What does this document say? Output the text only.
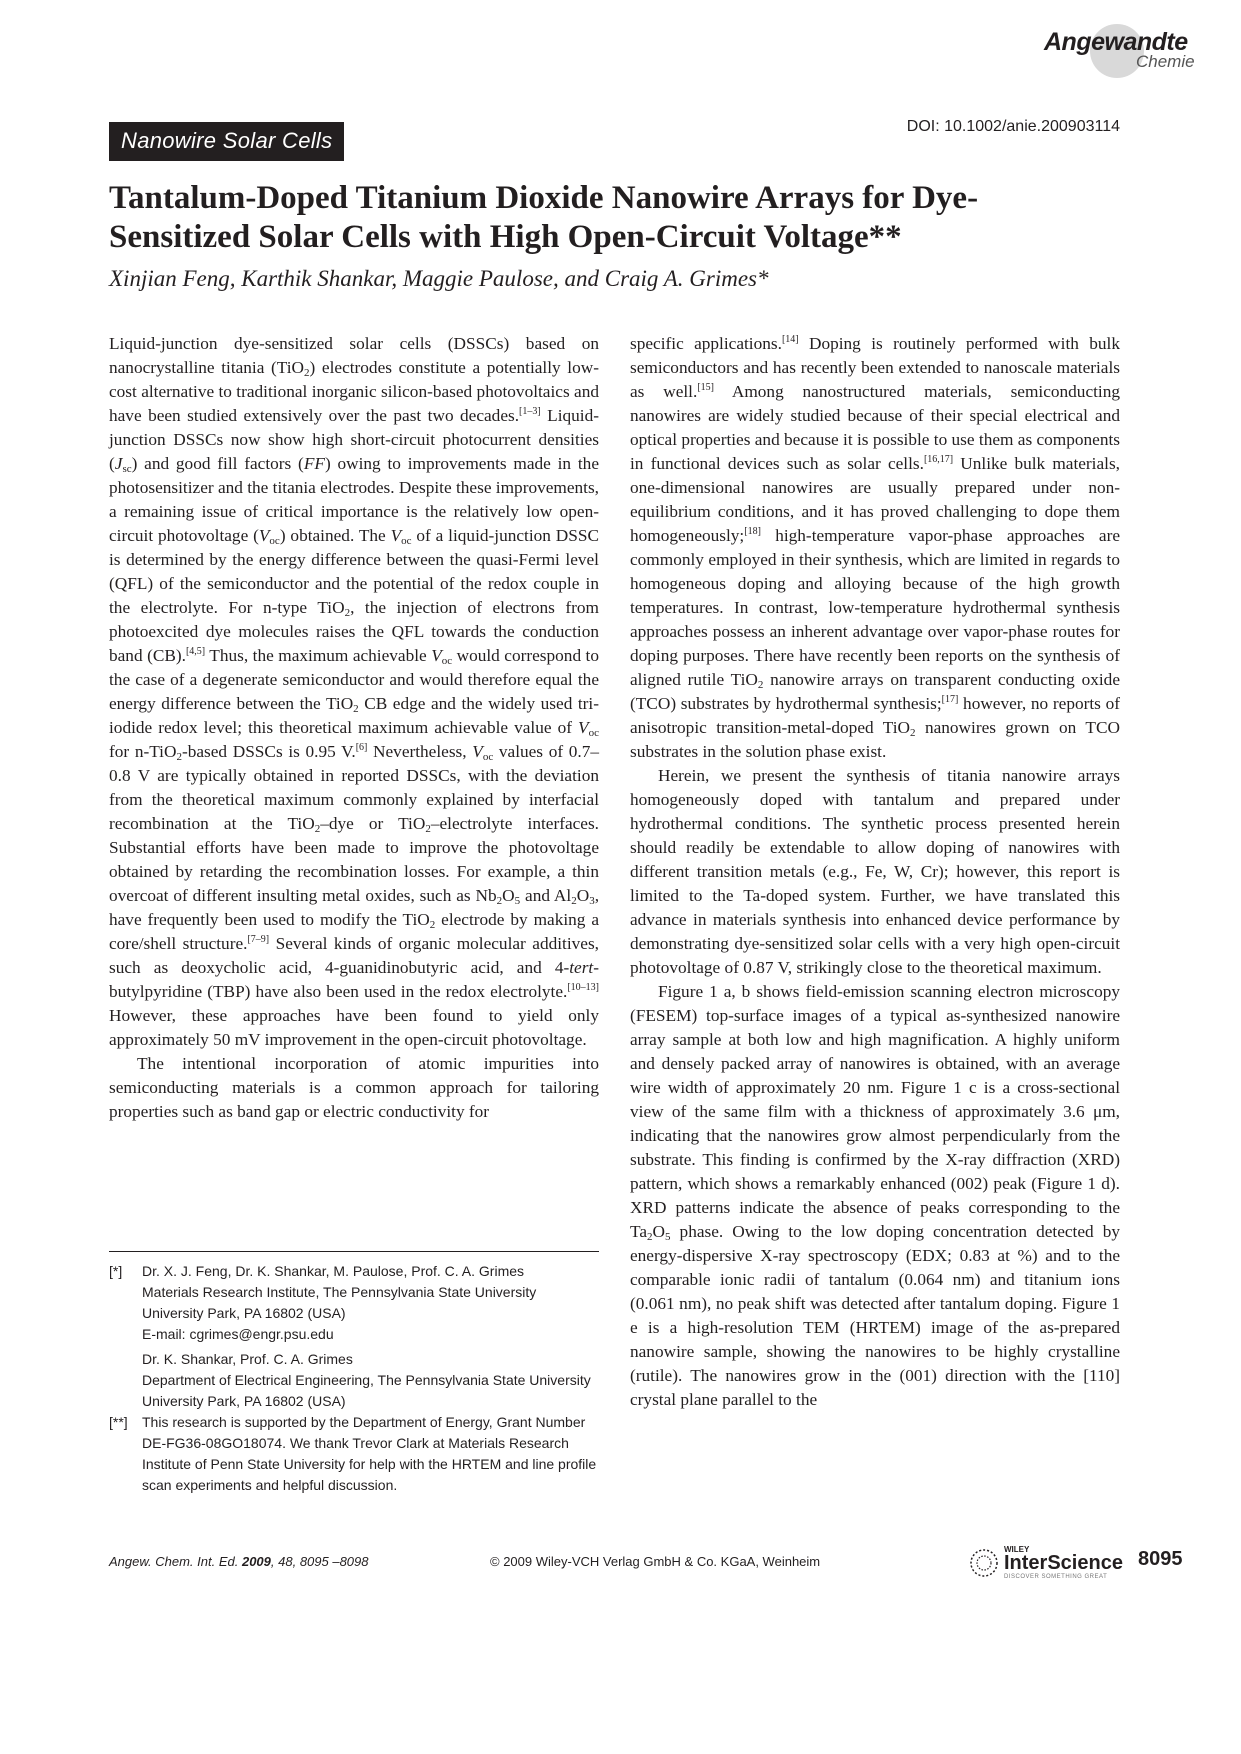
Angewandte
Chemie
Nanowire Solar Cells
DOI: 10.1002/anie.200903114
Tantalum-Doped Titanium Dioxide Nanowire Arrays for Dye-Sensitized Solar Cells with High Open-Circuit Voltage**
Xinjian Feng, Karthik Shankar, Maggie Paulose, and Craig A. Grimes*

Liquid-junction dye-sensitized solar cells (DSSCs) based on nanocrystalline titania (TiO$_2$) electrodes constitute a potentially low-cost alternative to traditional inorganic silicon-based photovoltaics and have been studied extensively over the past two decades.[1–3] Liquid-junction DSSCs now show high short-circuit photocurrent densities $(J_{sc})$ and good fill factors (FF) owing to improvements made in the photosensitizer and the titania electrodes. Despite these improvements, a remaining issue of critical importance is the relatively low open-circuit photovoltage $(V_{oc})$ obtained. The $V_{oc}$ of a liquid-junction DSSC is determined by the energy difference between the quasi-Fermi level (QFL) of the semiconductor and the potential of the redox couple in the electrolyte. For n-type TiO$_2$, the injection of electrons from photoexcited dye molecules raises the QFL towards the conduction band (CB).[4,5] Thus, the maximum achievable $V_{oc}$ would correspond to the case of a degenerate semiconductor and would therefore equal the energy difference between the TiO$_2$ CB edge and the widely used tri-iodide redox level; this theoretical maximum achievable value of $V_{oc}$ for n-TiO$_2$-based DSSCs is 0.95 V.[6] Nevertheless, $V_{oc}$ values of 0.7–0.8 V are typically obtained in reported DSSCs, with the deviation from the theoretical maximum commonly explained by interfacial recombination at the TiO$_2$–dye or TiO$_2$–electrolyte interfaces. Substantial efforts have been made to improve the photovoltage obtained by retarding the recombination losses. For example, a thin overcoat of different insulting metal oxides, such as $Nb_2O_5$ and $Al_2O_3$, have frequently been used to modify the TiO$_2$ electrode by making a core/shell structure.[7–9] Several kinds of organic molecular additives, such as deoxycholic acid, 4-guanidinobutyric acid, and 4-tert-butylpyridine (TBP) have also been used in the redox electrolyte.[10–13] However, these approaches have been found to yield only approximately 50 mV improvement in the open-circuit photovoltage.

The intentional incorporation of atomic impurities into semiconducting materials is a common approach for tailoring properties such as band gap or electric conductivity for

specific applications.[14] Doping is routinely performed with bulk semiconductors and has recently been extended to nanoscale materials as well.[15] Among nanostructured materials, semiconducting nanowires are widely studied because of their special electrical and optical properties and because it is possible to use them as components in functional devices such as solar cells.[16,17] Unlike bulk materials, one-dimensional nanowires are usually prepared under non-equilibrium conditions, and it has proved challenging to dope them homogeneously;[18] high-temperature vapor-phase approaches are commonly employed in their synthesis, which are limited in regards to homogeneous doping and alloying because of the high growth temperatures. In contrast, low-temperature hydrothermal synthesis approaches possess an inherent advantage over vapor-phase routes for doping purposes. There have recently been reports on the synthesis of aligned rutile TiO$_2$ nanowire arrays on transparent conducting oxide (TCO) substrates by hydrothermal synthesis;[17] however, no reports of anisotropic transition-metal-doped TiO$_2$ nanowires grown on TCO substrates in the solution phase exist.

Herein, we present the synthesis of titania nanowire arrays homogeneously doped with tantalum and prepared under hydrothermal conditions. The synthetic process presented herein should readily be extendable to allow doping of nanowires with different transition metals (e.g., Fe, W, Cr); however, this report is limited to the Ta-doped system. Further, we have translated this advance in materials synthesis into enhanced device performance by demonstrating dye-sensitized solar cells with a very high open-circuit photovoltage of 0.87 V, strikingly close to the theoretical maximum.

Figure 1 a, b shows field-emission scanning electron microscopy (FESEM) top-surface images of a typical as-synthesized nanowire array sample at both low and high magnification. A highly uniform and densely packed array of nanowires is obtained, with an average wire width of approximately 20 nm. Figure 1 c is a cross-sectional view of the same film with a thickness of approximately 3.6 μm, indicating that the nanowires grow almost perpendicularly from the substrate. This finding is confirmed by the X-ray diffraction (XRD) pattern, which shows a remarkably enhanced (002) peak (Figure 1 d). XRD patterns indicate the absence of peaks corresponding to the $Ta_2O_5$ phase. Owing to the low doping concentration detected by energy-dispersive X-ray spectroscopy (EDX; 0.83 at %) and to the comparable ionic radii of tantalum (0.064 nm) and titanium ions (0.061 nm), no peak shift was detected after tantalum doping. Figure 1 e is a high-resolution TEM (HRTEM) image of the as-prepared nanowire sample, showing the nanowires to be highly crystalline (rutile). The nanowires grow in the (001) direction with the [110] crystal plane parallel to the

[*] Dr. X. J. Feng, Dr. K. Shankar, M. Paulose, Prof. C. A. Grimes
Materials Research Institute, The Pennsylvania State University
University Park, PA 16802 (USA)
E-mail: cgrimes@engr.psu.edu
Dr. K. Shankar, Prof. C. A. Grimes
Department of Electrical Engineering, The Pennsylvania State University
University Park, PA 16802 (USA)
[**] This research is supported by the Department of Energy, Grant Number DE-FG36-08GO18074. We thank Trevor Clark at Materials Research Institute of Penn State University for help with the HRTEM and line profile scan experiments and helpful discussion.
Angew. Chem. Int. Ed. 2009, 48, 8095 –8098	© 2009 Wiley-VCH Verlag GmbH & Co. KGaA, Weinheim
WILEY
InterScience
DISCOVER SOMETHING GREAT
8095
